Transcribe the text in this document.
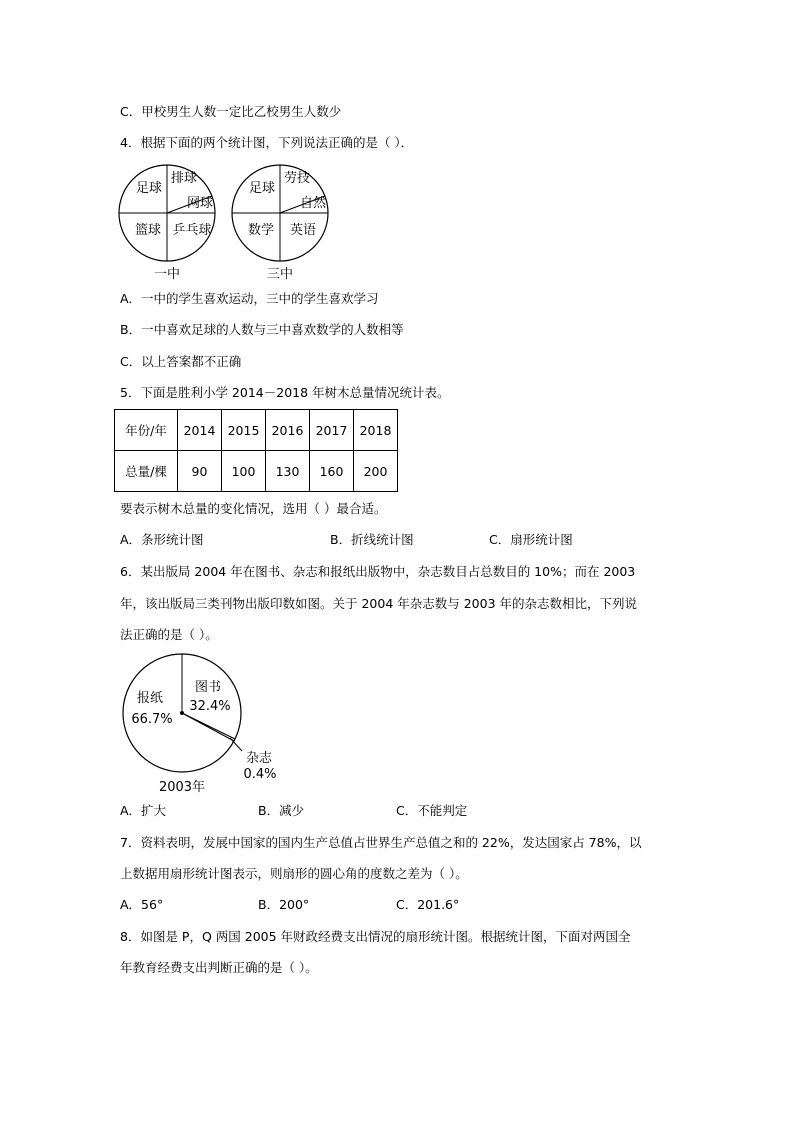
C．甲校男生人数一定比乙校男生人数少
4．根据下面的两个统计图，下列说法正确的是（ ）．
足球
排球
网球
篮球 乒乓球
一中
足球
劳技
自然
数学 英语
三中
A．一中的学生喜欢运动，三中的学生喜欢学习
B．一中喜欢足球的人数与三中喜欢数学的人数相等
C．以上答案都不正确
5．下面是胜利小学 2014－2018 年树木总量情况统计表。
年份/年	2014	2015	2016	2017	2018
总量/棵	90	100	130	160	200
要表示树木总量的变化情况，选用（ ）最合适。
A．条形统计图	B．折线统计图	C．扇形统计图
6．某出版局 2004 年在图书、杂志和报纸出版物中，杂志数目占总数目的 10%；而在 2003
年，该出版局三类刊物出版印数如图。关于 2004 年杂志数与 2003 年的杂志数相比，下列说
法正确的是（ ）。
报纸
66.7%
图书
32.4%
杂志
0.4%
2003年
A．扩大	B．减少	C．不能判定
7．资料表明，发展中国家的国内生产总值占世界生产总值之和的 22%，发达国家占 78%，以
上数据用扇形统计图表示，则扇形的圆心角的度数之差为（ ）。
A．56°	B．200°	C．201.6°
8．如图是 P，Q 两国 2005 年财政经费支出情况的扇形统计图。根据统计图，下面对两国全
年教育经费支出判断正确的是（ ）。
